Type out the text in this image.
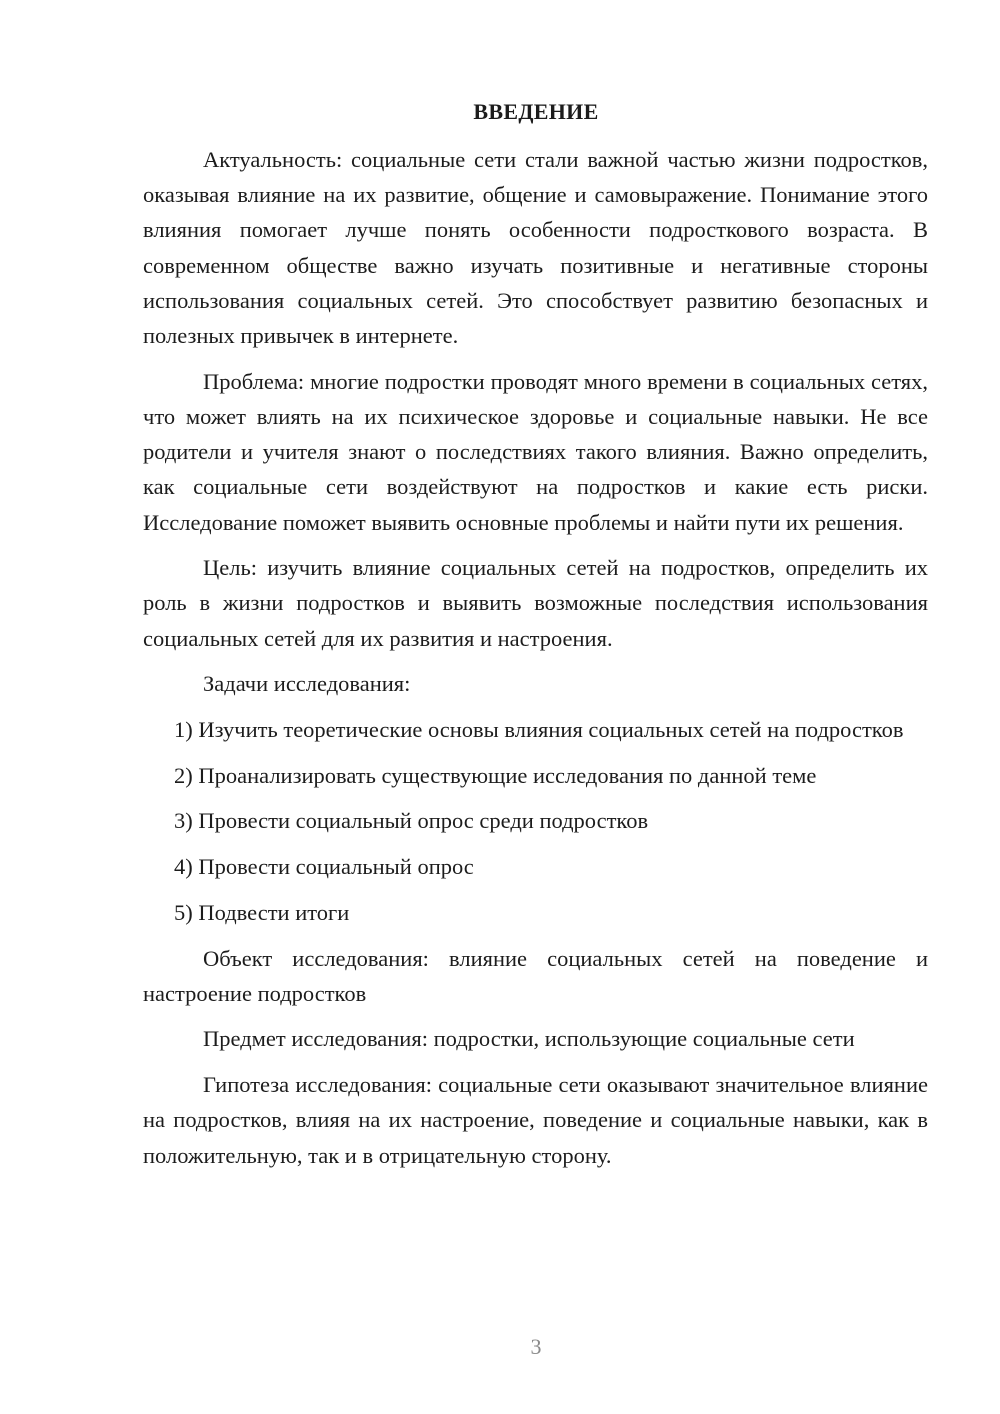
ВВЕДЕНИЕ

Актуальность: социальные сети стали важной частью жизни подростков, оказывая влияние на их развитие, общение и самовыражение. Понимание этого влияния помогает лучше понять особенности подросткового возраста. В современном обществе важно изучать позитивные и негативные стороны использования социальных сетей. Это способствует развитию безопасных и полезных привычек в интернете.

Проблема: многие подростки проводят много времени в социальных сетях, что может влиять на их психическое здоровье и социальные навыки. Не все родители и учителя знают о последствиях такого влияния. Важно определить, как социальные сети воздействуют на подростков и какие есть риски. Исследование поможет выявить основные проблемы и найти пути их решения.

Цель: изучить влияние социальных сетей на подростков, определить их роль в жизни подростков и выявить возможные последствия использования социальных сетей для их развития и настроения.

Задачи исследования:

1) Изучить теоретические основы влияния социальных сетей на подростков

2) Проанализировать существующие исследования по данной теме

3) Провести социальный опрос среди подростков

4) Провести социальный опрос

5) Подвести итоги

Объект исследования: влияние социальных сетей на поведение и настроение подростков

Предмет исследования: подростки, использующие социальные сети

Гипотеза исследования: социальные сети оказывают значительное влияние на подростков, влияя на их настроение, поведение и социальные навыки, как в положительную, так и в отрицательную сторону.

3
